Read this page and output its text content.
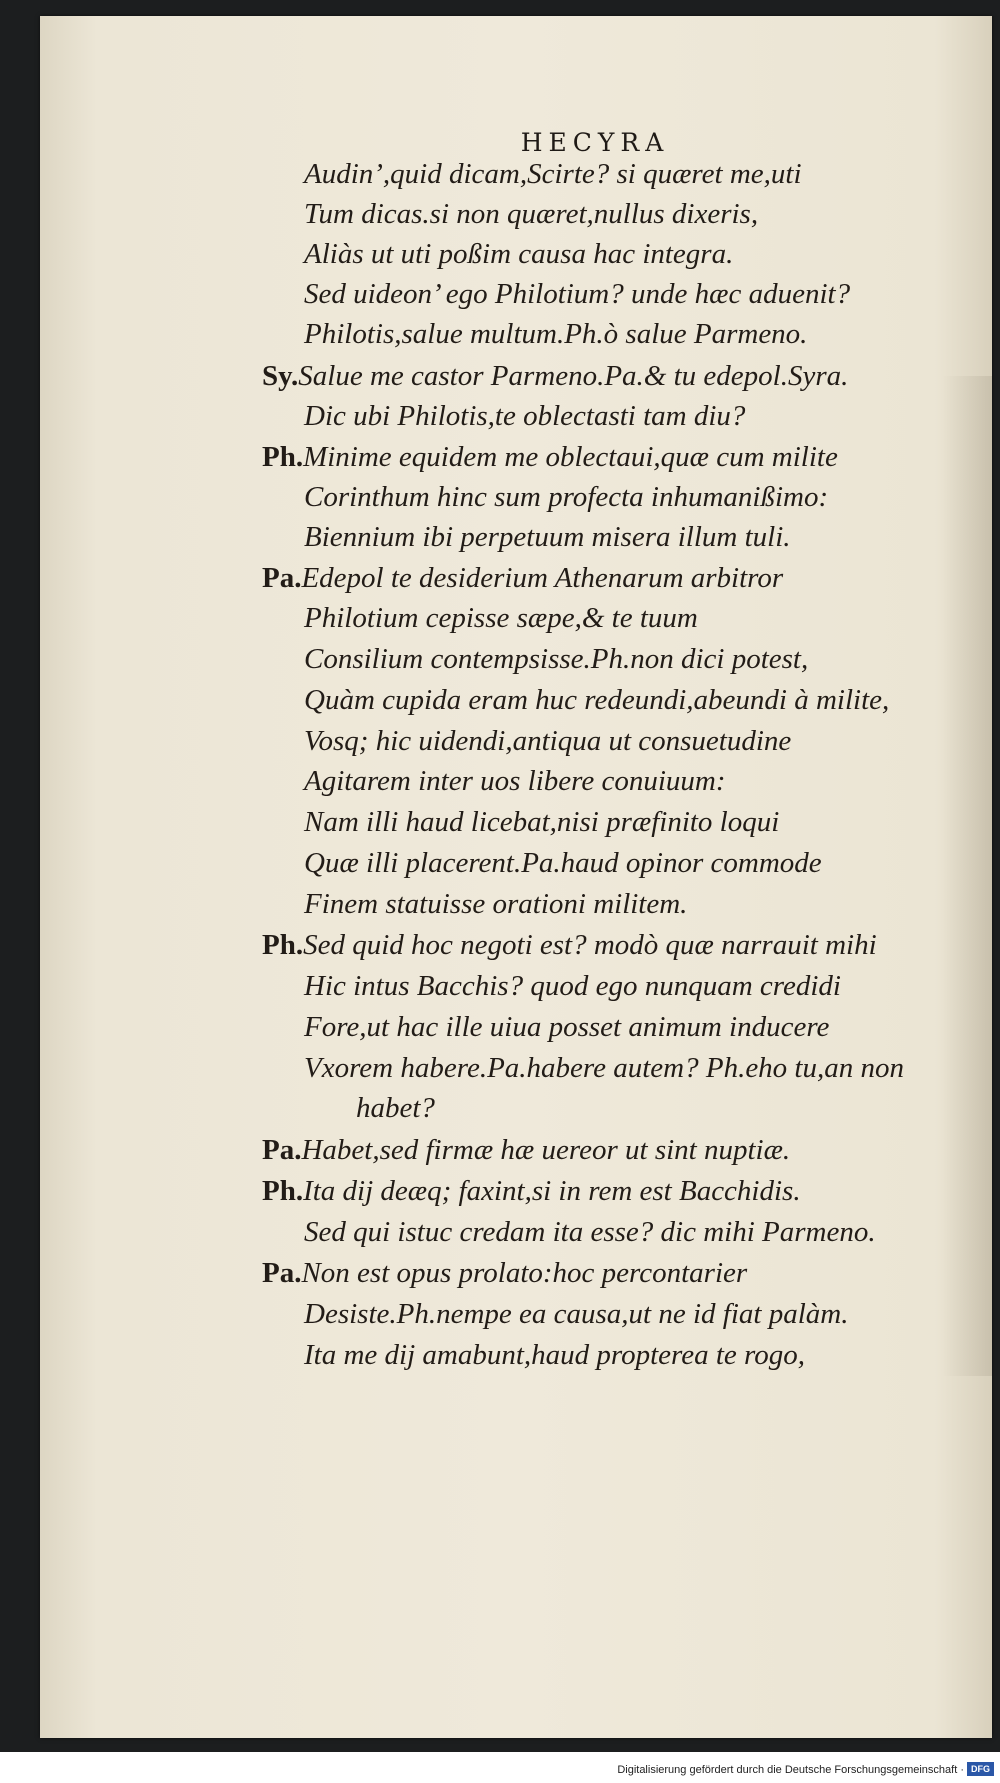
HECYRA
Audin’,quid dicam,Scirte? si quæret me,uti
Tum dicas.si non quæret,nullus dixeris,
Aliàs ut uti poßim causa hac integra.
Sed uideon’ ego Philotium? unde hæc aduenit?
Philotis,salue multum.Ph.ò salue Parmeno.
Sy.Salue me castor Parmeno.Pa.& tu edepol.Syra.
Dic ubi Philotis,te oblectasti tam diu?
Ph.Minime equidem me oblectaui,quæ cum milite
Corinthum hinc sum profecta inhumanißimo:
Biennium ibi perpetuum misera illum tuli.
Pa.Edepol te desiderium Athenarum arbitror
Philotium cepisse sæpe,& te tuum
Consilium contempsisse.Ph.non dici potest,
Quàm cupida eram huc redeundi,abeundi à milite,
Vosq; hic uidendi,antiqua ut consuetudine
Agitarem inter uos libere conuiuum:
Nam illi haud licebat,nisi præfinito loqui
Quæ illi placerent.Pa.haud opinor commode
Finem statuisse orationi militem.
Ph.Sed quid hoc negoti est? modò quæ narrauit mihi
Hic intus Bacchis? quod ego nunquam credidi
Fore,ut hac ille uiua posset animum inducere
Vxorem habere.Pa.habere autem? Ph.eho tu,an non
habet?
Pa.Habet,sed firmæ hæ uereor ut sint nuptiæ.
Ph.Ita dij deæq; faxint,si in rem est Bacchidis.
Sed qui istuc credam ita esse? dic mihi Parmeno.
Pa.Non est opus prolato:hoc percontarier
Desiste.Ph.nempe ea causa,ut ne id fiat palàm.
Ita me dij amabunt,haud propterea te rogo,
Digitalisierung gefördert durch die Deutsche Forschungsgemeinschaft · DFG
